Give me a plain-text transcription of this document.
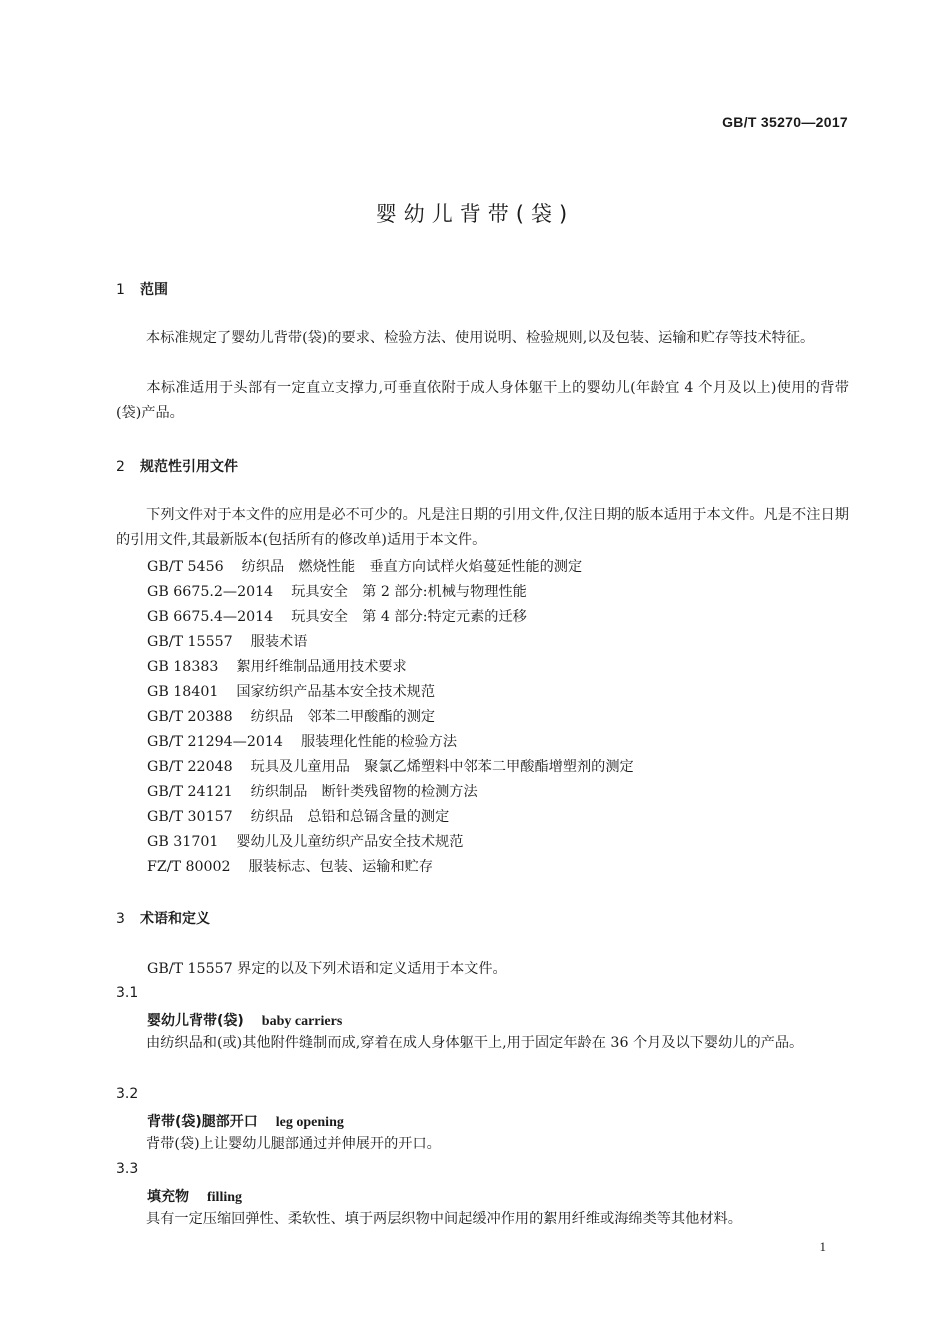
GB/T 35270—2017
婴幼儿背带(袋)
1 范围
本标准规定了婴幼儿背带(袋)的要求、检验方法、使用说明、检验规则,以及包装、运输和贮存等技术特征。
本标准适用于头部有一定直立支撑力,可垂直依附于成人身体躯干上的婴幼儿(年龄宜 4 个月及以上)使用的背带(袋)产品。
2 规范性引用文件
下列文件对于本文件的应用是必不可少的。凡是注日期的引用文件,仅注日期的版本适用于本文件。凡是不注日期的引用文件,其最新版本(包括所有的修改单)适用于本文件。
GB/T 5456 纺织品　燃烧性能　垂直方向试样火焰蔓延性能的测定
GB 6675.2—2014 玩具安全　第 2 部分:机械与物理性能
GB 6675.4—2014 玩具安全　第 4 部分:特定元素的迁移
GB/T 15557 服装术语
GB 18383 絮用纤维制品通用技术要求
GB 18401 国家纺织产品基本安全技术规范
GB/T 20388 纺织品　邻苯二甲酸酯的测定
GB/T 21294—2014 服装理化性能的检验方法
GB/T 22048 玩具及儿童用品　聚氯乙烯塑料中邻苯二甲酸酯增塑剂的测定
GB/T 24121 纺织制品　断针类残留物的检测方法
GB/T 30157 纺织品　总铅和总镉含量的测定
GB 31701 婴幼儿及儿童纺织产品安全技术规范
FZ/T 80002 服装标志、包装、运输和贮存
3 术语和定义
GB/T 15557 界定的以及下列术语和定义适用于本文件。
3.1
婴幼儿背带(袋) baby carriers
由纺织品和(或)其他附件缝制而成,穿着在成人身体躯干上,用于固定年龄在 36 个月及以下婴幼儿的产品。
3.2
背带(袋)腿部开口 leg opening
背带(袋)上让婴幼儿腿部通过并伸展开的开口。
3.3
填充物 filling
具有一定压缩回弹性、柔软性、填于两层织物中间起缓冲作用的絮用纤维或海绵类等其他材料。
1
